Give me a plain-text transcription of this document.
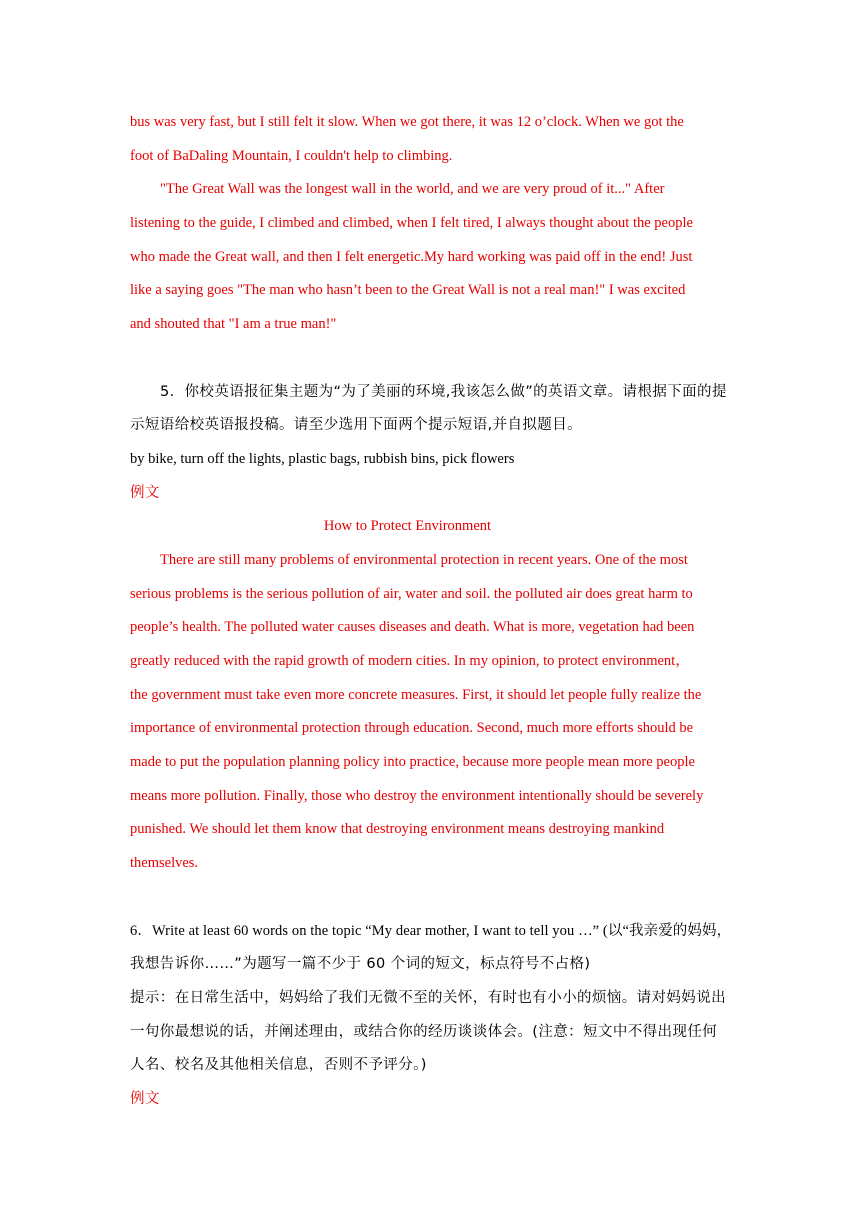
bus was very fast, but I still felt it slow. When we got there, it was 12 o’clock. When we got the
foot of BaDaling Mountain, I couldn't help to climbing.
"The Great Wall was the longest wall in the world, and we are very proud of it..." After
listening to the guide, I climbed and climbed, when I felt tired, I always thought about the people
who made the Great wall, and then I felt energetic.My hard working was paid off in the end! Just
like a saying goes "The man who hasn’t been to the Great Wall is not a real man!" I was excited
and shouted that "I am a true man!"
5．你校英语报征集主题为“为了美丽的环境,我该怎么做”的英语文章。请根据下面的提
示短语给校英语报投稿。请至少选用下面两个提示短语,并自拟题目。
by bike, turn off the lights, plastic bags, rubbish bins, pick flowers
例文
How to Protect Environment
There are still many problems of environmental protection in recent years. One of the most
serious problems is the serious pollution of air, water and soil. the polluted air does great harm to
people’s health. The polluted water causes diseases and death. What is more, vegetation had been
greatly reduced with the rapid growth of modern cities. In my opinion, to protect environment，
the government must take even more concrete measures. First, it should let people fully realize the
importance of environmental protection through education. Second, much more efforts should be
made to put the population planning policy into practice, because more people mean more people
means more pollution. Finally, those who destroy the environment intentionally should be severely
punished. We should let them know that destroying environment means destroying mankind
themselves.
6．Write at least 60 words on the topic “My dear mother, I want to tell you …” (以“我亲爱的妈妈，
我想告诉你……”为题写一篇不少于 60 个词的短文，标点符号不占格)
提示：在日常生活中，妈妈给了我们无微不至的关怀，有时也有小小的烦恼。请对妈妈说出
一句你最想说的话，并阐述理由，或结合你的经历谈谈体会。(注意：短文中不得出现任何
人名、校名及其他相关信息，否则不予评分。)
例文
